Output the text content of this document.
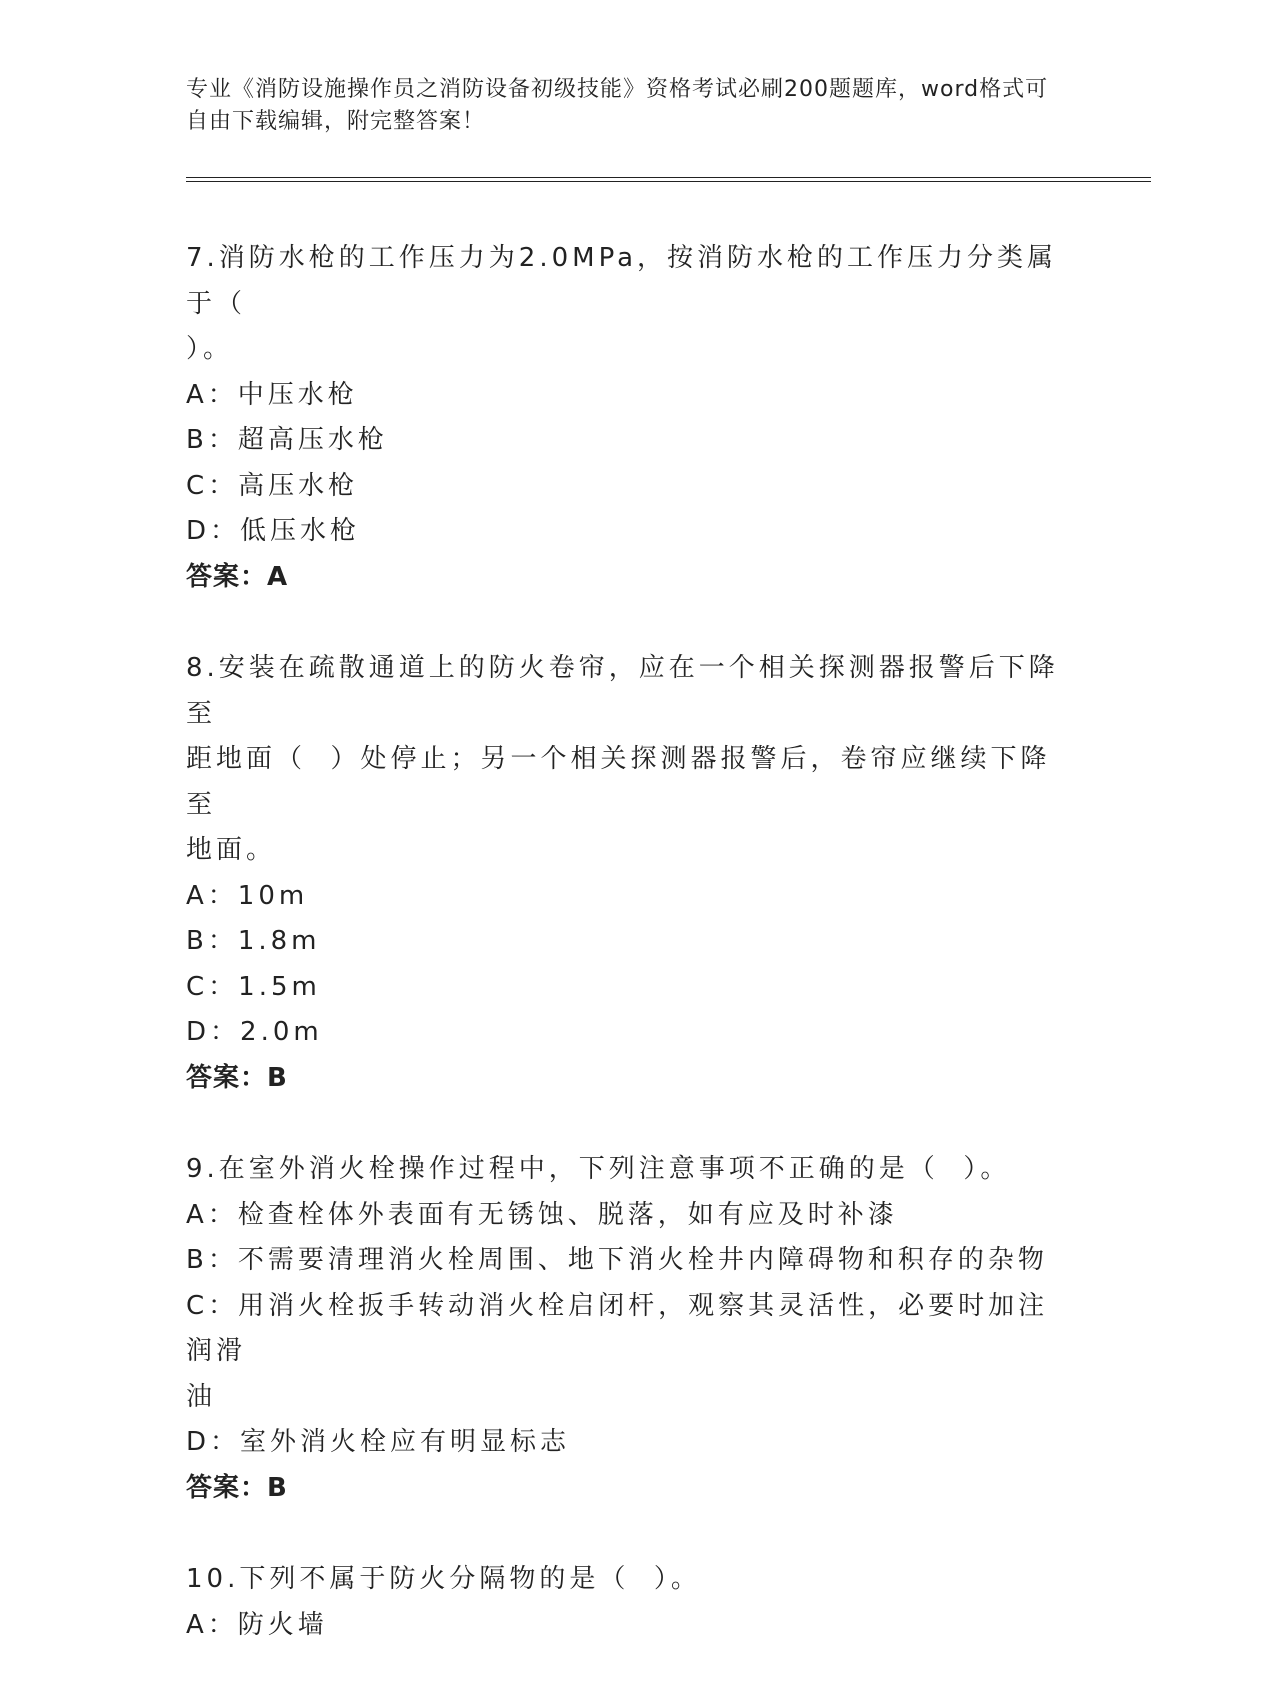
专业《消防设施操作员之消防设备初级技能》资格考试必刷200题题库，word格式可自由下载编辑，附完整答案！
7.消防水枪的工作压力为2.0MPa，按消防水枪的工作压力分类属于（
）。
A：中压水枪
B：超高压水枪
C：高压水枪
D：低压水枪
答案：A
8.安装在疏散通道上的防火卷帘，应在一个相关探测器报警后下降至
距地面（  ）处停止；另一个相关探测器报警后，卷帘应继续下降至
地面。
A：10m
B：1.8m
C：1.5m
D：2.0m
答案：B
9.在室外消火栓操作过程中，下列注意事项不正确的是（  ）。
A：检查栓体外表面有无锈蚀、脱落，如有应及时补漆
B：不需要清理消火栓周围、地下消火栓井内障碍物和积存的杂物
C：用消火栓扳手转动消火栓启闭杆，观察其灵活性，必要时加注润滑
油
D：室外消火栓应有明显标志
答案：B
10.下列不属于防火分隔物的是（  ）。
A：防火墙
